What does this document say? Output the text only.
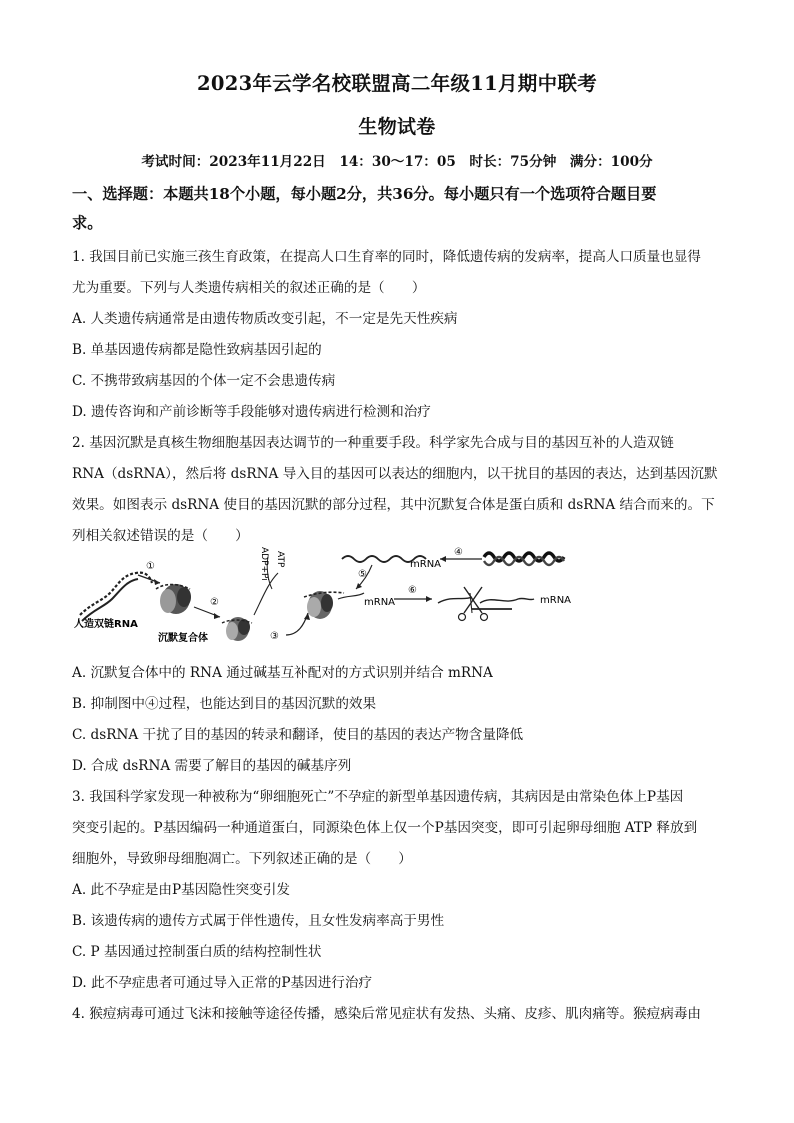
2023年云学名校联盟高二年级11月期中联考
生物试卷
考试时间：2023年11月22日　14：30～17：05　时长：75分钟　满分：100分
一、选择题：本题共18个小题，每小题2分，共36分。每小题只有一个选项符合题目要
求。
1. 我国目前已实施三孩生育政策，在提高人口生育率的同时，降低遗传病的发病率，提高人口质量也显得
尤为重要。下列与人类遗传病相关的叙述正确的是（　　）
A. 人类遗传病通常是由遗传物质改变引起，不一定是先天性疾病
B. 单基因遗传病都是隐性致病基因引起的
C. 不携带致病基因的个体一定不会患遗传病
D. 遗传咨询和产前诊断等手段能够对遗传病进行检测和治疗
2. 基因沉默是真核生物细胞基因表达调节的一种重要手段。科学家先合成与目的基因互补的人造双链
RNA（dsRNA），然后将 dsRNA 导入目的基因可以表达的细胞内，以干扰目的基因的表达，达到基因沉默
效果。如图表示 dsRNA 使目的基因沉默的部分过程，其中沉默复合体是蛋白质和 dsRNA 结合而来的。下
列相关叙述错误的是（　　）
人造双链RNA
①
沉默复合体
②
ATP
ADP+Pi
③
mRNA
mRNA
⑤
④
⑥
mRNA
A. 沉默复合体中的 RNA 通过碱基互补配对的方式识别并结合 mRNA
B. 抑制图中④过程，也能达到目的基因沉默的效果
C. dsRNA 干扰了目的基因的转录和翻译，使目的基因的表达产物含量降低
D. 合成 dsRNA 需要了解目的基因的碱基序列
3. 我国科学家发现一种被称为“卵细胞死亡”不孕症的新型单基因遗传病，其病因是由常染色体上P基因
突变引起的。P基因编码一种通道蛋白，同源染色体上仅一个P基因突变，即可引起卵母细胞 ATP 释放到
细胞外，导致卵母细胞凋亡。下列叙述正确的是（　　）
A. 此不孕症是由P基因隐性突变引发
B. 该遗传病的遗传方式属于伴性遗传，且女性发病率高于男性
C. P 基因通过控制蛋白质的结构控制性状
D. 此不孕症患者可通过导入正常的P基因进行治疗
4. 猴痘病毒可通过飞沫和接触等途径传播，感染后常见症状有发热、头痛、皮疹、肌肉痛等。猴痘病毒由
